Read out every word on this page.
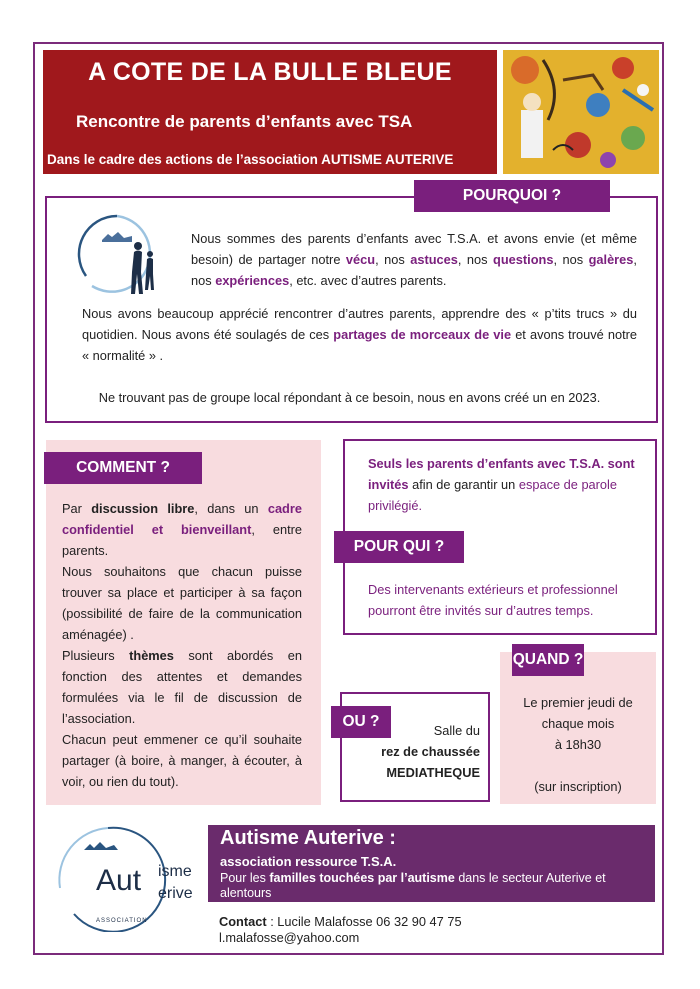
A COTE DE LA BULLE BLEUE
Rencontre de parents d’enfants avec TSA
Dans le cadre des actions de l’association AUTISME AUTERIVE
POURQUOI ?
Nous sommes des parents d’enfants avec T.S.A. et avons envie (et même besoin) de partager notre vécu, nos astuces, nos questions, nos galères, nos expériences, etc. avec d’autres parents.
Nous avons beaucoup apprécié rencontrer d’autres parents, apprendre des « p’tits trucs » du quotidien. Nous avons été soulagés de ces partages de morceaux de vie et avons trouvé notre « normalité » .
Ne trouvant pas de groupe local répondant à ce besoin, nous en avons créé un en 2023.
COMMENT ?
Par discussion libre, dans un cadre confidentiel et bienveillant, entre parents.
Nous souhaitons que chacun puisse trouver sa place et participer à sa façon (possibilité de faire de la communication aménagée) .
Plusieurs thèmes sont abordés en fonction des attentes et demandes formulées via le fil de discussion de l’association.
Chacun peut emmener ce qu’il souhaite partager (à boire, à manger, à écouter, à voir, ou rien du tout).
Seuls les parents d’enfants avec T.S.A. sont invités afin de garantir un espace de parole privilégié.
POUR QUI ?
Des intervenants extérieurs et professionnel pourront être invités sur d’autres temps.
QUAND ?
Le premier jeudi de
chaque mois
à 18h30

(sur inscription)
OU ?
Salle du
rez de chaussée
MEDIATHEQUE
Aut isme
erive
ASSOCIATION
Autisme Auterive :
association ressource T.S.A.
Pour les familles touchées par l’autisme dans le secteur Auterive et alentours
Contact : Lucile Malafosse 06 32 90 47 75
l.malafosse@yahoo.com
